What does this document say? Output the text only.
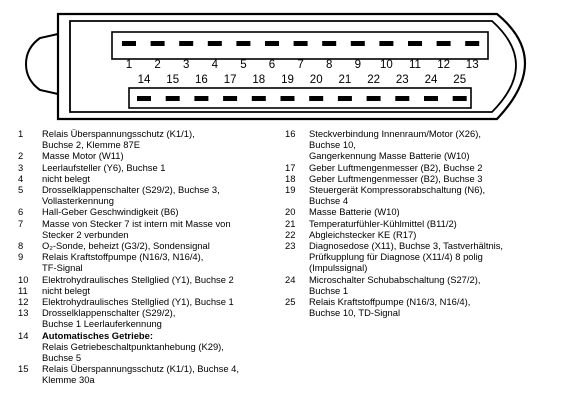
1 2 3 4 5 6 7 8 9 10 11 12 13
14 15 16 17 18 19 20 21 22 23 24 25
1	Relais Überspannungsschutz (K1/1),
Buchse 2, Klemme 87E
2	Masse Motor (W11)
3	Leerlaufsteller (Y6), Buchse 1
4	nicht belegt
5	Drosselklappenschalter (S29/2), Buchse 3,
Vollasterkennung
6	Hall-Geber Geschwindigkeit (B6)
7	Masse von Stecker 7 ist intern mit Masse von
Stecker 2 verbunden
8	O₂-Sonde, beheizt (G3/2), Sondensignal
9	Relais Kraftstoffpumpe (N16/3, N16/4),
TF-Signal
10	Elektrohydraulisches Stellglied (Y1), Buchse 2
11	nicht belegt
12	Elektrohydraulisches Stellglied (Y1), Buchse 1
13	Drosselklappenschalter (S29/2),
Buchse 1 Leerlauferkennung
14	Automatisches Getriebe:
Relais Getriebeschaltpunktanhebung (K29),
Buchse 5
15	Relais Überspannungsschutz (K1/1), Buchse 4,
Klemme 30a
16	Steckverbindung Innenraum/Motor (X26),
Buchse 10,
Gangerkennung Masse Batterie (W10)
17	Geber Luftmengenmesser (B2), Buchse 2
18	Geber Luftmengenmesser (B2), Buchse 3
19	Steuergerät Kompressorabschaltung (N6),
Buchse 4
20	Masse Batterie (W10)
21	Temperaturfühler-Kühlmittel (B11/2)
22	Abgleichstecker KE (R17)
23	Diagnosedose (X11), Buchse 3, Tastverhältnis,
Prüfkupplung für Diagnose (X11/4) 8 polig
(Impulssignal)
24	Microschalter Schubabschaltung (S27/2),
Buchse 1
25	Relais Kraftstoffpumpe (N16/3, N16/4),
Buchse 10, TD-Signal
